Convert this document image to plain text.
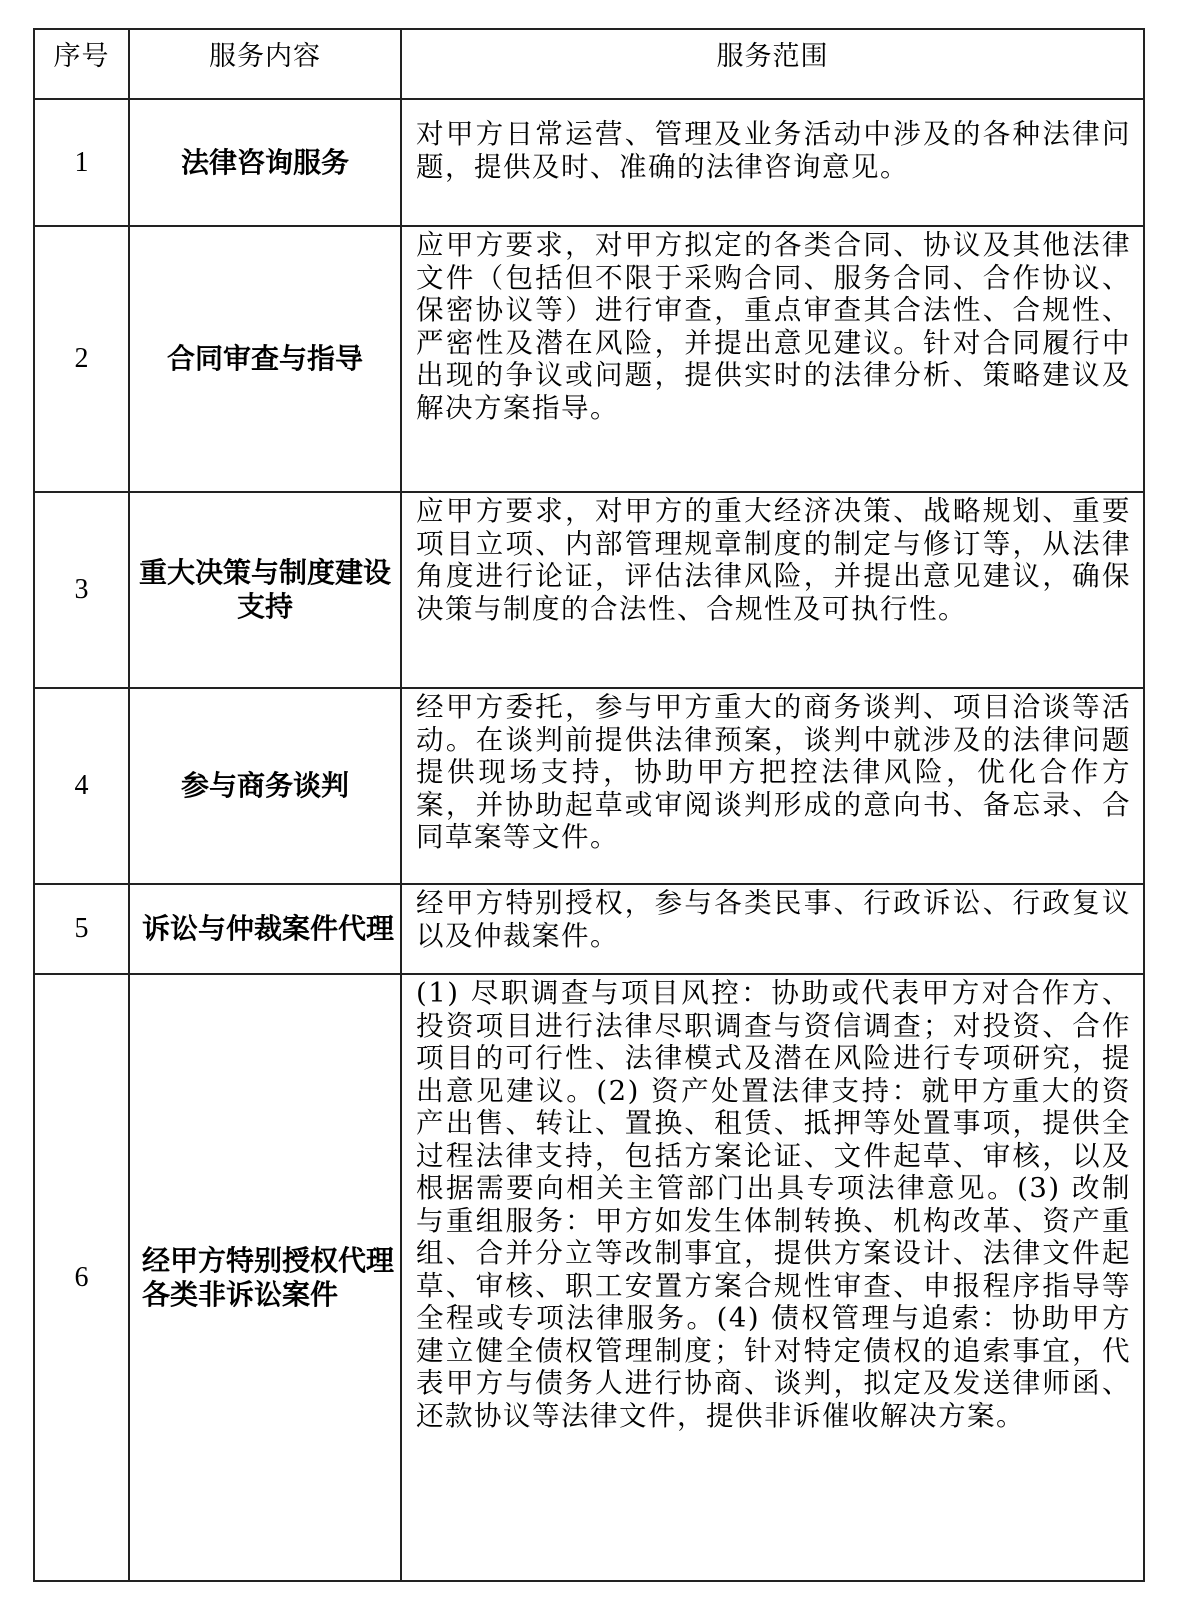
序号	服务内容	服务范围
1	法律咨询服务	对甲方日常运营、管理及业务活动中涉及的各种法律问题，提供及时、准确的法律咨询意见。
2	合同审查与指导	应甲方要求，对甲方拟定的各类合同、协议及其他法律文件（包括但不限于采购合同、服务合同、合作协议、保密协议等）进行审查，重点审查其合法性、合规性、严密性及潜在风险，并提出意见建议。针对合同履行中出现的争议或问题，提供实时的法律分析、策略建议及解决方案指导。
3	重大决策与制度建设支持	应甲方要求，对甲方的重大经济决策、战略规划、重要项目立项、内部管理规章制度的制定与修订等，从法律角度进行论证，评估法律风险，并提出意见建议，确保决策与制度的合法性、合规性及可执行性。
4	参与商务谈判	经甲方委托，参与甲方重大的商务谈判、项目洽谈等活动。在谈判前提供法律预案，谈判中就涉及的法律问题提供现场支持，协助甲方把控法律风险，优化合作方案，并协助起草或审阅谈判形成的意向书、备忘录、合同草案等文件。
5	诉讼与仲裁案件代理	经甲方特别授权，参与各类民事、行政诉讼、行政复议以及仲裁案件。
6	经甲方特别授权代理各类非诉讼案件	(1) 尽职调查与项目风控：协助或代表甲方对合作方、投资项目进行法律尽职调查与资信调查；对投资、合作项目的可行性、法律模式及潜在风险进行专项研究，提出意见建议。(2) 资产处置法律支持：就甲方重大的资产出售、转让、置换、租赁、抵押等处置事项，提供全过程法律支持，包括方案论证、文件起草、审核，以及根据需要向相关主管部门出具专项法律意见。(3) 改制与重组服务：甲方如发生体制转换、机构改革、资产重组、合并分立等改制事宜，提供方案设计、法律文件起草、审核、职工安置方案合规性审查、申报程序指导等全程或专项法律服务。(4) 债权管理与追索：协助甲方建立健全债权管理制度；针对特定债权的追索事宜，代表甲方与债务人进行协商、谈判，拟定及发送律师函、还款协议等法律文件，提供非诉催收解决方案。
